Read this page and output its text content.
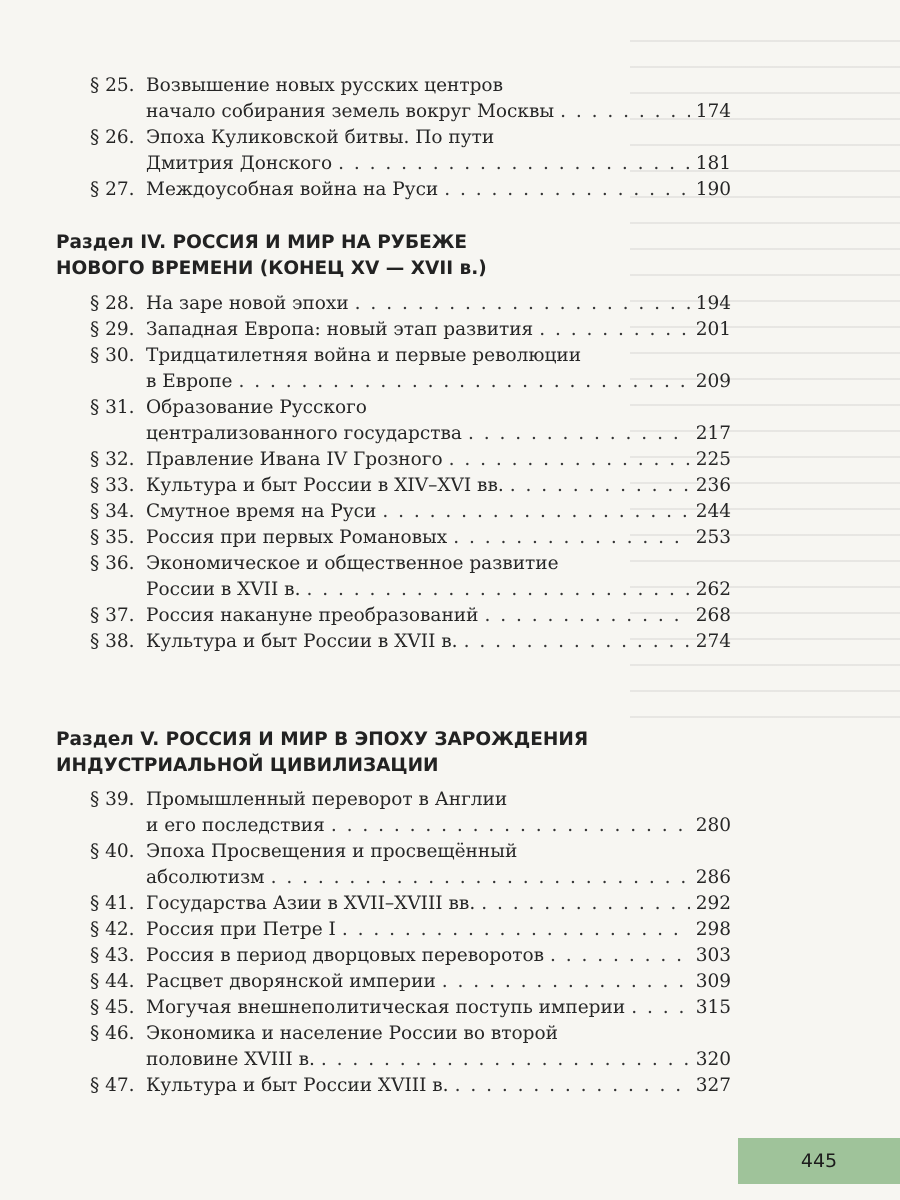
§ 25. Возвышение новых русских центров
начало собирания земель вокруг Москвы . . .	174
§ 26. Эпоха Куликовской битвы. По пути
Дмитрия Донского . . .	181
§ 27. Междоусобная война на Руси . . .	190
Раздел IV. РОССИЯ И МИР НА РУБЕЖЕ
НОВОГО ВРЕМЕНИ (КОНЕЦ XV — XVII в.)
§ 28. На заре новой эпохи . . .	194
§ 29. Западная Европа: новый этап развития . . .	201
§ 30. Тридцатилетняя война и первые революции
в Европе . . .	209
§ 31. Образование Русского
централизованного государства . . .	217
§ 32. Правление Ивана IV Грозного . . .	225
§ 33. Культура и быт России в XIV–XVI вв. . . .	236
§ 34. Смутное время на Руси . . .	244
§ 35. Россия при первых Романовых . . .	253
§ 36. Экономическое и общественное развитие
России в XVII в. . . .	262
§ 37. Россия накануне преобразований . . .	268
§ 38. Культура и быт России в XVII в. . . .	274
Раздел V. РОССИЯ И МИР В ЭПОХУ ЗАРОЖДЕНИЯ
ИНДУСТРИАЛЬНОЙ ЦИВИЛИЗАЦИИ
§ 39. Промышленный переворот в Англии
и его последствия . . .	280
§ 40. Эпоха Просвещения и просвещённый
абсолютизм . . .	286
§ 41. Государства Азии в XVII–XVIII вв. . . .	292
§ 42. Россия при Петре I . . .	298
§ 43. Россия в период дворцовых переворотов . . .	303
§ 44. Расцвет дворянской империи . . .	309
§ 45. Могучая внешнеполитическая поступь империи . . .	315
§ 46. Экономика и население России во второй
половине XVIII в. . . .	320
§ 47. Культура и быт России XVIII в. . . .	327
445
